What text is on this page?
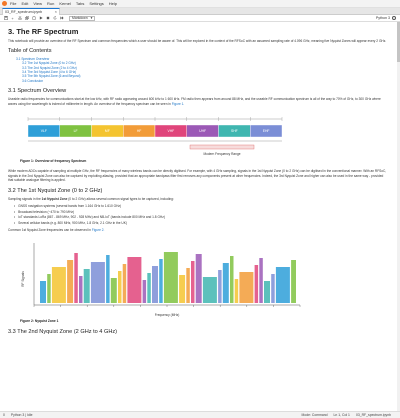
File Edit View Run Kernel Tabs Settings Help
03_RF_spectrum.ipynb	×
+	Markdown ▾	Python 3
3. The RF Spectrum

This notebook will provide an overview of the RF Spectrum and common frequencies which a user should be aware of. This will be explored in the context of the RFSoC with an assumed sampling rate of 4.096 GHz, meaning five Nyquist Zones will appear every 2 GHz.

Table of Contents
3.1 Spectrum Overview
3.2 The 1st Nyquist Zone (0 to 2 GHz)
3.3 The 2nd Nyquist Zone (2 to 4 GHz)
3.4 The 3rd Nyquist Zone (4 to 6 GHz)
3.5 The 5th Nyquist Zone (6 and Beyond)
3.6 Conclusion
3.1 Spectrum Overview

Useable radio frequencies for communications start at the low kHz, with RF radio appearing around 600 kHz to 1 600 kHz. FM radio then appears from around 88 MHz, and the useable RF communication spectrum is all of the way to 70% of GHz, to 300 GHz where waves using the wavelength is indeed of millimetre in length. An overview of the frequency spectrum can be seen in Figure 1.

VLF	LF	MF	HF	VHF	UHF	SHF	EHF
Modern Frequency Range
Figure 1: Overview of frequency Spectrum

While modern ADCs capable of sampling at multiple GHz, the RF frequencies of many wireless bands can be directly digitised. For example, with 4 GHz sampling, signals in the 1st Nyquist Zone (0 to 2 GHz) can be digitised in the conventional manner. With an RFSoC, signals in the 2nd Nyquist Zone can also be captured by exploiting aliasing, provided that an appropriate bandpass filter first removes any components present at other frequencies. Indeed, the 3rd Nyquist Zone and higher can also be used in the same way - provided that suitable analogue filtering is applied.

3.2 The 1st Nyquist Zone (0 to 2 GHz)

Sampling signals in the 1st Nyquist Zone (0 to 2 GHz) allows several common signal types to be captured, including:

• GNSS navigation systems (several bands from 1.164 GHz to 1.610 GHz)
• Broadcast television (~470 to 790 MHz)
• IoT standards LoRa (867 - 869 MHz, 902 - 928 MHz) and NB-IoT (bands include 800 MHz and 1.8 GHz)
• Several cellular bands (e.g. 800 MHz, 900 MHz, 1.8 GHz, 2.1 GHz in the UK)

Common 1st Nyquist Zone frequencies can be observed in Figure 2.

RF Signals
Frequency (MHz)
Figure 2: Nyquist Zone 1
3.3 The 2nd Nyquist Zone (2 GHz to 4 GHz)
0 Python 3 | Idle	Mode: Command Ln 1, Col 1 03_RF_spectrum.ipynb
